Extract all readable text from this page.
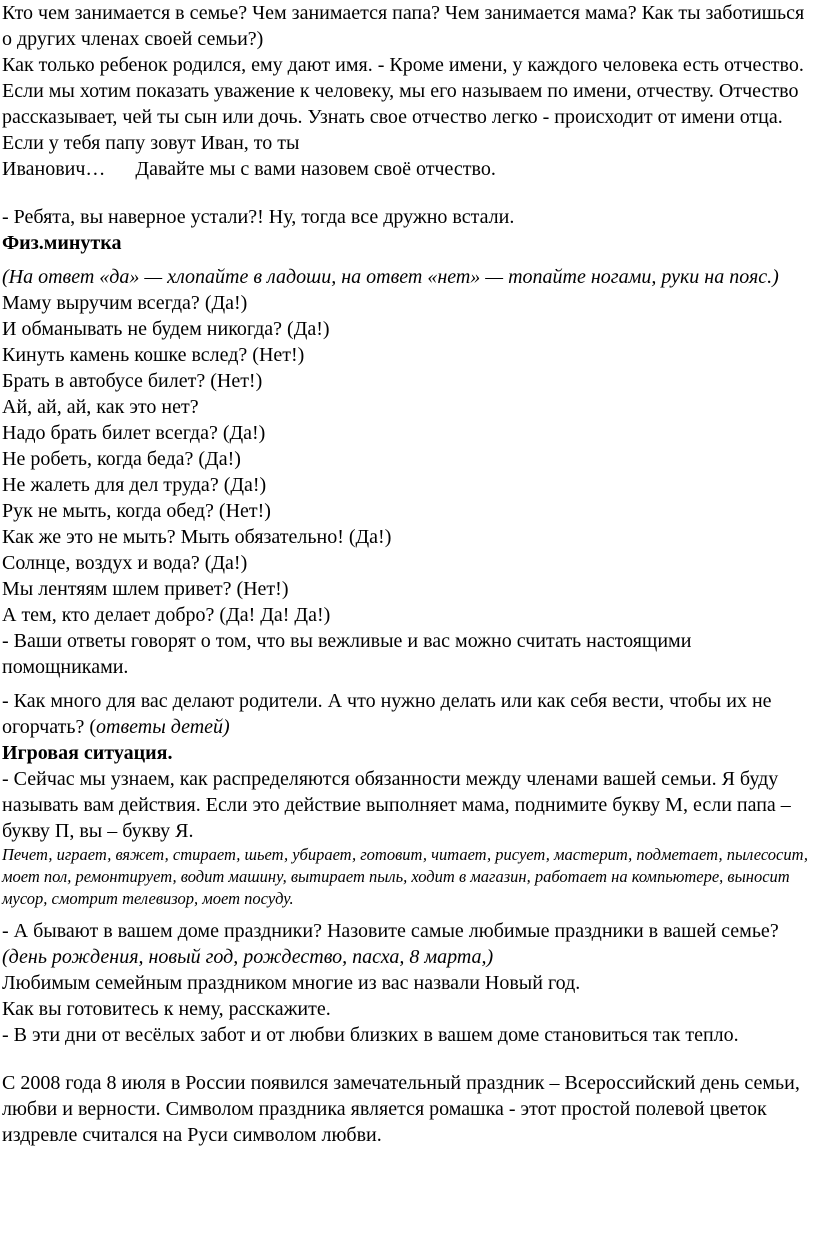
Кто чем занимается в семье? Чем занимается папа? Чем занимается мама? Как ты заботишься о других членах своей семьи?)

Как только ребенок родился, ему дают имя. - Кроме имени, у каждого человека есть отчество. Если мы хотим показать уважение к человеку, мы его называем по имени, отчеству. Отчество рассказывает, чей ты сын или дочь. Узнать свое отчество легко - происходит от имени отца. Если у тебя папу зовут Иван, то ты
Иванович… Давайте мы с вами назовем своё отчество.

- Ребята, вы наверное устали?! Ну, тогда все дружно встали.

Физ.минутка

(На ответ «да» — хлопайте в ладоши, на ответ «нет» — топайте ногами, руки на пояс.)

Маму выручим всегда? (Да!)

И обманывать не будем никогда? (Да!)

Кинуть камень кошке вслед? (Нет!)

Брать в автобусе билет? (Нет!)

Ай, ай, ай, как это нет?

Надо брать билет всегда? (Да!)

Не робеть, когда беда? (Да!)

Не жалеть для дел труда? (Да!)

Рук не мыть, когда обед? (Нет!)

Как же это не мыть? Мыть обязательно! (Да!)

Солнце, воздух и вода? (Да!)

Мы лентяям шлем привет? (Нет!)

А тем, кто делает добро? (Да! Да! Да!)

- Ваши ответы говорят о том, что вы вежливые и вас можно считать настоящими помощниками.

- Как много для вас делают родители. А что нужно делать или как себя вести, чтобы их не огорчать? (ответы детей)

Игровая ситуация.

- Сейчас мы узнаем, как распределяются обязанности между членами вашей семьи. Я буду называть вам действия. Если это действие выполняет мама, поднимите букву М, если папа – букву П, вы – букву Я.

Печет, играет, вяжет, стирает, шьет, убирает, готовит, читает, рисует, мастерит, подметает, пылесосит, моет пол, ремонтирует, водит машину, вытирает пыль, ходит в магазин, работает на компьютере, выносит мусор, смотрит телевизор, моет посуду.

- А бывают в вашем доме праздники? Назовите самые любимые праздники в вашей семье? (день рождения, новый год, рождество, пасха, 8 марта,)

Любимым семейным праздником многие из вас назвали Новый год.

Как вы готовитесь к нему, расскажите.

- В эти дни от весёлых забот и от любви близких в вашем доме становиться так тепло.

С 2008 года 8 июля в России появился замечательный праздник – Всероссийский день семьи, любви и верности. Символом праздника является ромашка - этот простой полевой цветок издревле считался на Руси символом любви.
